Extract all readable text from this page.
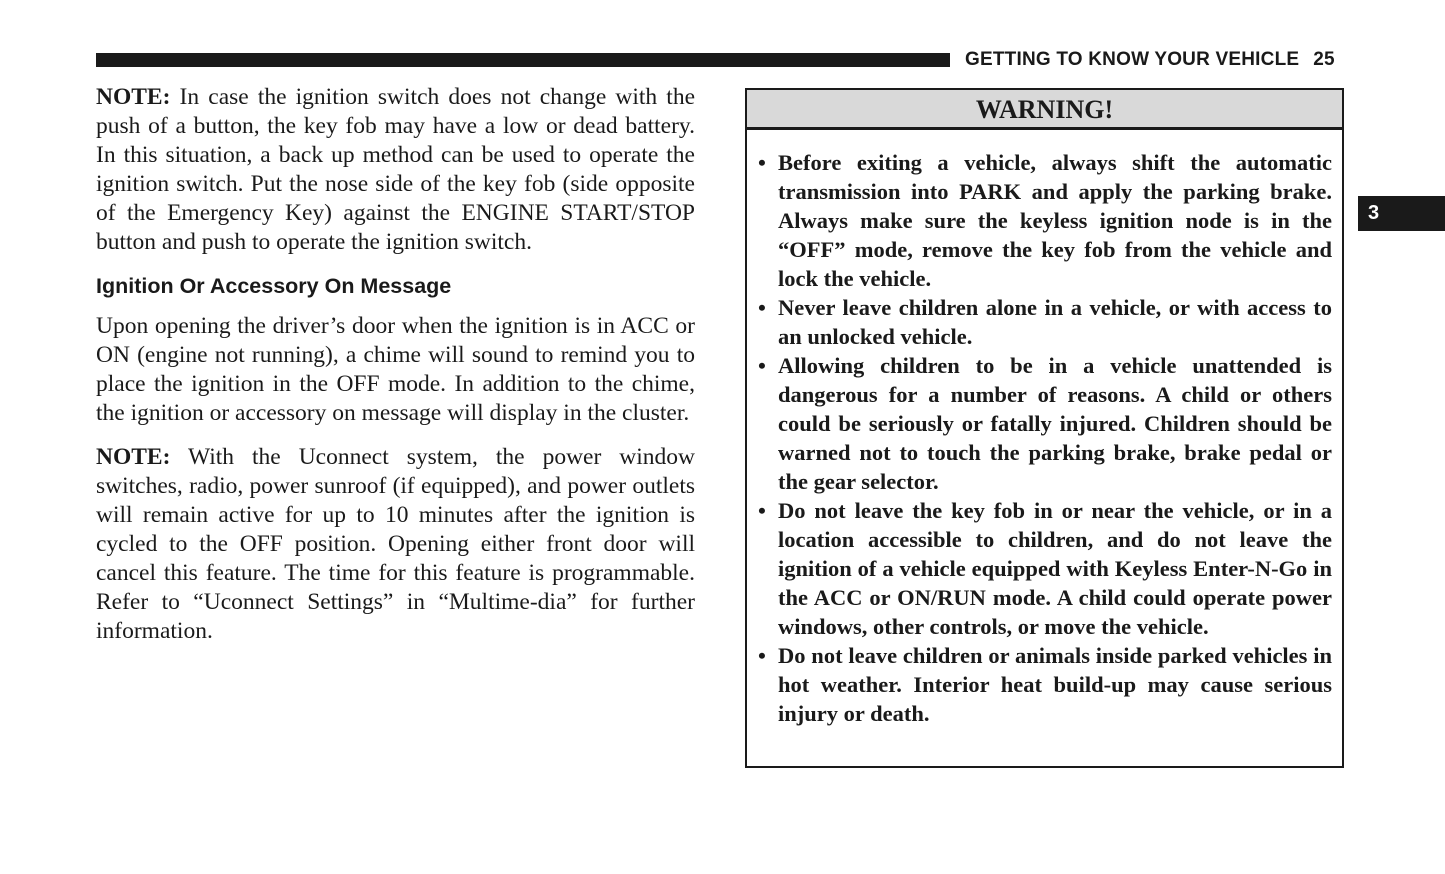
GETTING TO KNOW YOUR VEHICLE 25
3

NOTE: In case the ignition switch does not change with the push of a button, the key fob may have a low or dead battery. In this situation, a back up method can be used to operate the ignition switch. Put the nose side of the key fob (side opposite of the Emergency Key) against the ENGINE START/STOP button and push to operate the ignition switch.

Ignition Or Accessory On Message

Upon opening the driver’s door when the ignition is in ACC or ON (engine not running), a chime will sound to remind you to place the ignition in the OFF mode. In addition to the chime, the ignition or accessory on message will display in the cluster.

NOTE: With the Uconnect system, the power window switches, radio, power sunroof (if equipped), and power outlets will remain active for up to 10 minutes after the ignition is cycled to the OFF position. Opening either front door will cancel this feature. The time for this feature is programmable. Refer to “Uconnect Settings” in “Multime-dia” for further information.

WARNING!
• Before exiting a vehicle, always shift the automatic transmission into PARK and apply the parking brake. Always make sure the keyless ignition node is in the “OFF” mode, remove the key fob from the vehicle and lock the vehicle.
• Never leave children alone in a vehicle, or with access to an unlocked vehicle.
• Allowing children to be in a vehicle unattended is dangerous for a number of reasons. A child or others could be seriously or fatally injured. Children should be warned not to touch the parking brake, brake pedal or the gear selector.
• Do not leave the key fob in or near the vehicle, or in a location accessible to children, and do not leave the ignition of a vehicle equipped with Keyless Enter-N-Go in the ACC or ON/RUN mode. A child could operate power windows, other controls, or move the vehicle.
• Do not leave children or animals inside parked vehicles in hot weather. Interior heat build-up may cause serious injury or death.
